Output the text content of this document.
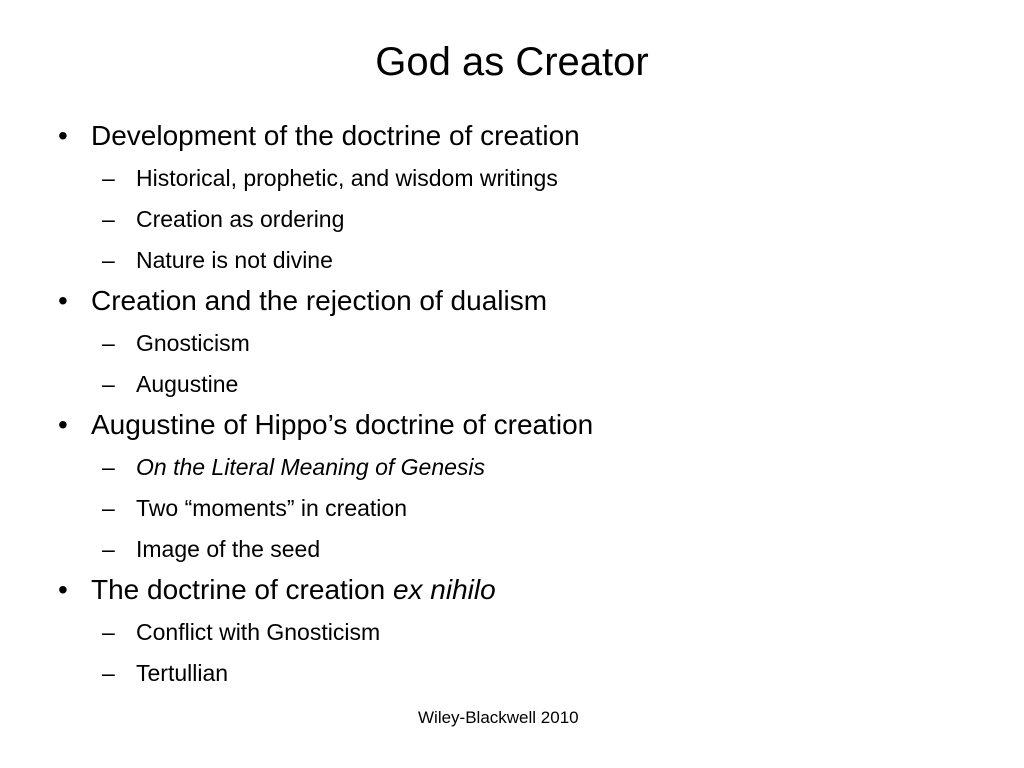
God as Creator
• Development of the doctrine of creation
– Historical, prophetic, and wisdom writings
– Creation as ordering
– Nature is not divine
• Creation and the rejection of dualism
– Gnosticism
– Augustine
• Augustine of Hippo’s doctrine of creation
– On the Literal Meaning of Genesis
– Two “moments” in creation
– Image of the seed
• The doctrine of creation ex nihilo
– Conflict with Gnosticism
– Tertullian
Wiley-Blackwell 2010
